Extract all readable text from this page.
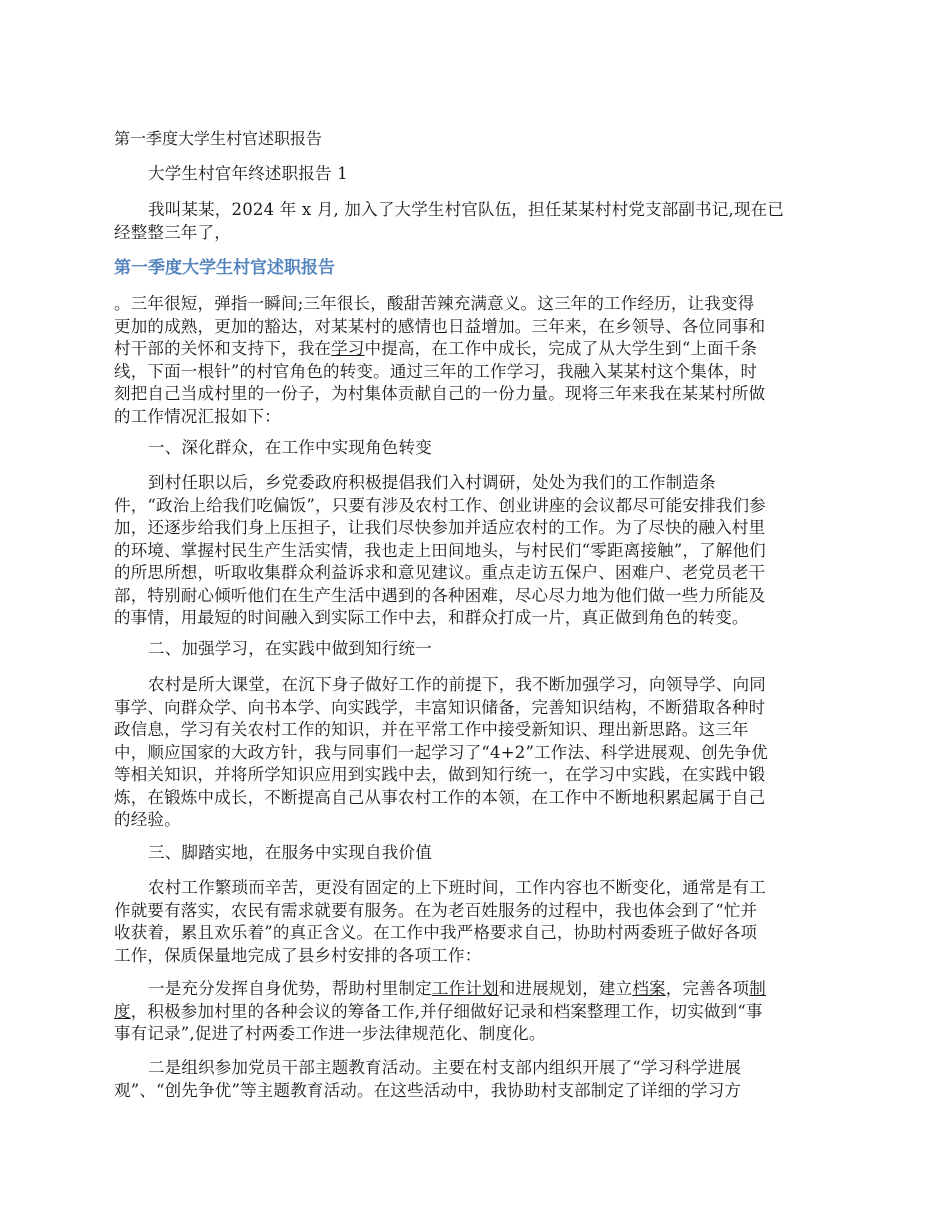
第一季度大学生村官述职报告

大学生村官年终述职报告 1

我叫某某，2024 年 x 月, 加入了大学生村官队伍，担任某某村村党支部副书记,现在已
经整整三年了，

第一季度大学生村官述职报告

。三年很短，弹指一瞬间;三年很长，酸甜苦辣充满意义。这三年的工作经历，让我变得
更加的成熟，更加的豁达，对某某村的感情也日益增加。三年来，在乡领导、各位同事和
村干部的关怀和支持下，我在学习中提高，在工作中成长，完成了从大学生到“上面千条
线，下面一根针”的村官角色的转变。通过三年的工作学习，我融入某某村这个集体，时
刻把自己当成村里的一份子，为村集体贡献自己的一份力量。现将三年来我在某某村所做
的工作情况汇报如下：

一、深化群众，在工作中实现角色转变

到村任职以后，乡党委政府积极提倡我们入村调研，处处为我们的工作制造条
件，“政治上给我们吃偏饭”，只要有涉及农村工作、创业讲座的会议都尽可能安排我们参
加，还逐步给我们身上压担子，让我们尽快参加并适应农村的工作。为了尽快的融入村里
的环境、掌握村民生产生活实情，我也走上田间地头，与村民们“零距离接触”，了解他们
的所思所想，听取收集群众利益诉求和意见建议。重点走访五保户、困难户、老党员老干
部，特别耐心倾听他们在生产生活中遇到的各种困难，尽心尽力地为他们做一些力所能及
的事情，用最短的时间融入到实际工作中去，和群众打成一片，真正做到角色的转变。

二、加强学习，在实践中做到知行统一

农村是所大课堂，在沉下身子做好工作的前提下，我不断加强学习，向领导学、向同
事学、向群众学、向书本学、向实践学，丰富知识储备，完善知识结构，不断猎取各种时
政信息，学习有关农村工作的知识，并在平常工作中接受新知识、理出新思路。这三年
中，顺应国家的大政方针，我与同事们一起学习了“4+2”工作法、科学进展观、创先争优
等相关知识，并将所学知识应用到实践中去，做到知行统一，在学习中实践，在实践中锻
炼，在锻炼中成长，不断提高自己从事农村工作的本领，在工作中不断地积累起属于自己
的经验。

三、脚踏实地，在服务中实现自我价值

农村工作繁琐而辛苦，更没有固定的上下班时间，工作内容也不断变化，通常是有工
作就要有落实，农民有需求就要有服务。在为老百姓服务的过程中，我也体会到了“忙并
收获着，累且欢乐着”的真正含义。在工作中我严格要求自己，协助村两委班子做好各项
工作，保质保量地完成了县乡村安排的各项工作：

一是充分发挥自身优势，帮助村里制定工作计划和进展规划，建立档案，完善各项制
度，积极参加村里的各种会议的筹备工作,并仔细做好记录和档案整理工作，切实做到“事
事有记录”,促进了村两委工作进一步法律规范化、制度化。

二是组织参加党员干部主题教育活动。主要在村支部内组织开展了“学习科学进展
观”、“创先争优”等主题教育活动。在这些活动中，我协助村支部制定了详细的学习方
